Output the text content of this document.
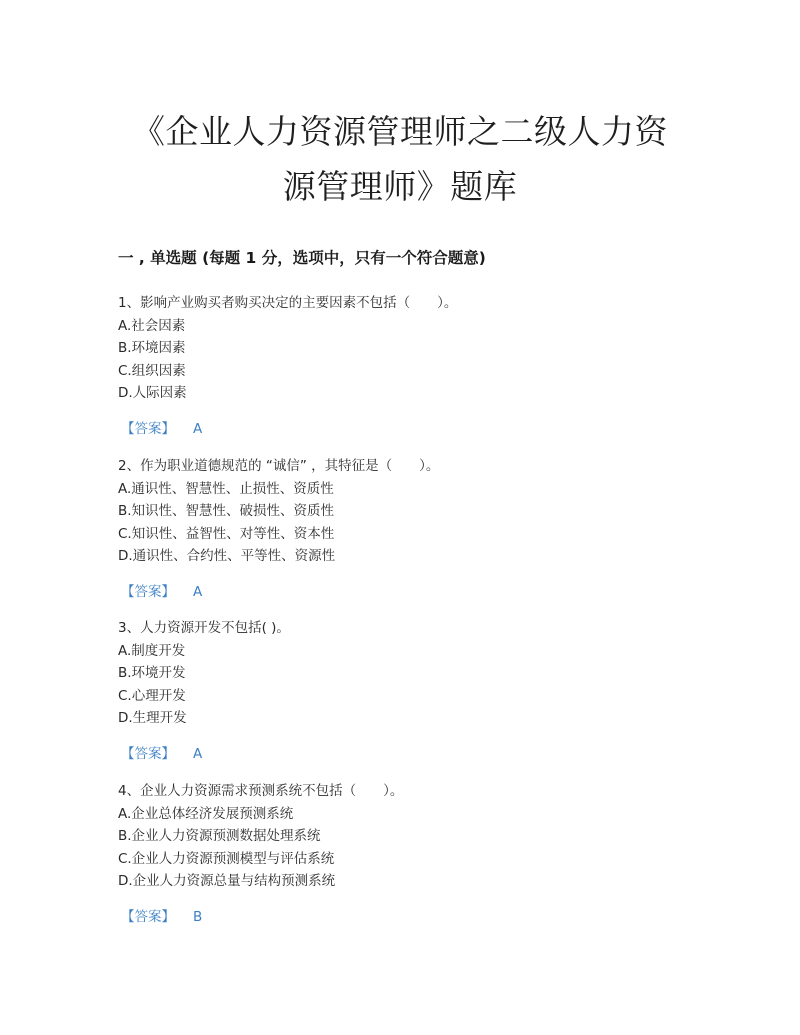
《企业人力资源管理师之二级人力资
源管理师》题库
一 , 单选题 (每题 1 分，选项中，只有一个符合题意)
1、影响产业购买者购买决定的主要因素不包括（　　）。
A.社会因素
B.环境因素
C.组织因素
D.人际因素
【答案】 A
2、作为职业道德规范的 “诚信” ，其特征是（　　）。
A.通识性、智慧性、止损性、资质性
B.知识性、智慧性、破损性、资质性
C.知识性、益智性、对等性、资本性
D.通识性、合约性、平等性、资源性
【答案】 A
3、人力资源开发不包括( )。
A.制度开发
B.环境开发
C.心理开发
D.生理开发
【答案】 A
4、企业人力资源需求预测系统不包括（　　）。
A.企业总体经济发展预测系统
B.企业人力资源预测数据处理系统
C.企业人力资源预测模型与评估系统
D.企业人力资源总量与结构预测系统
【答案】 B
